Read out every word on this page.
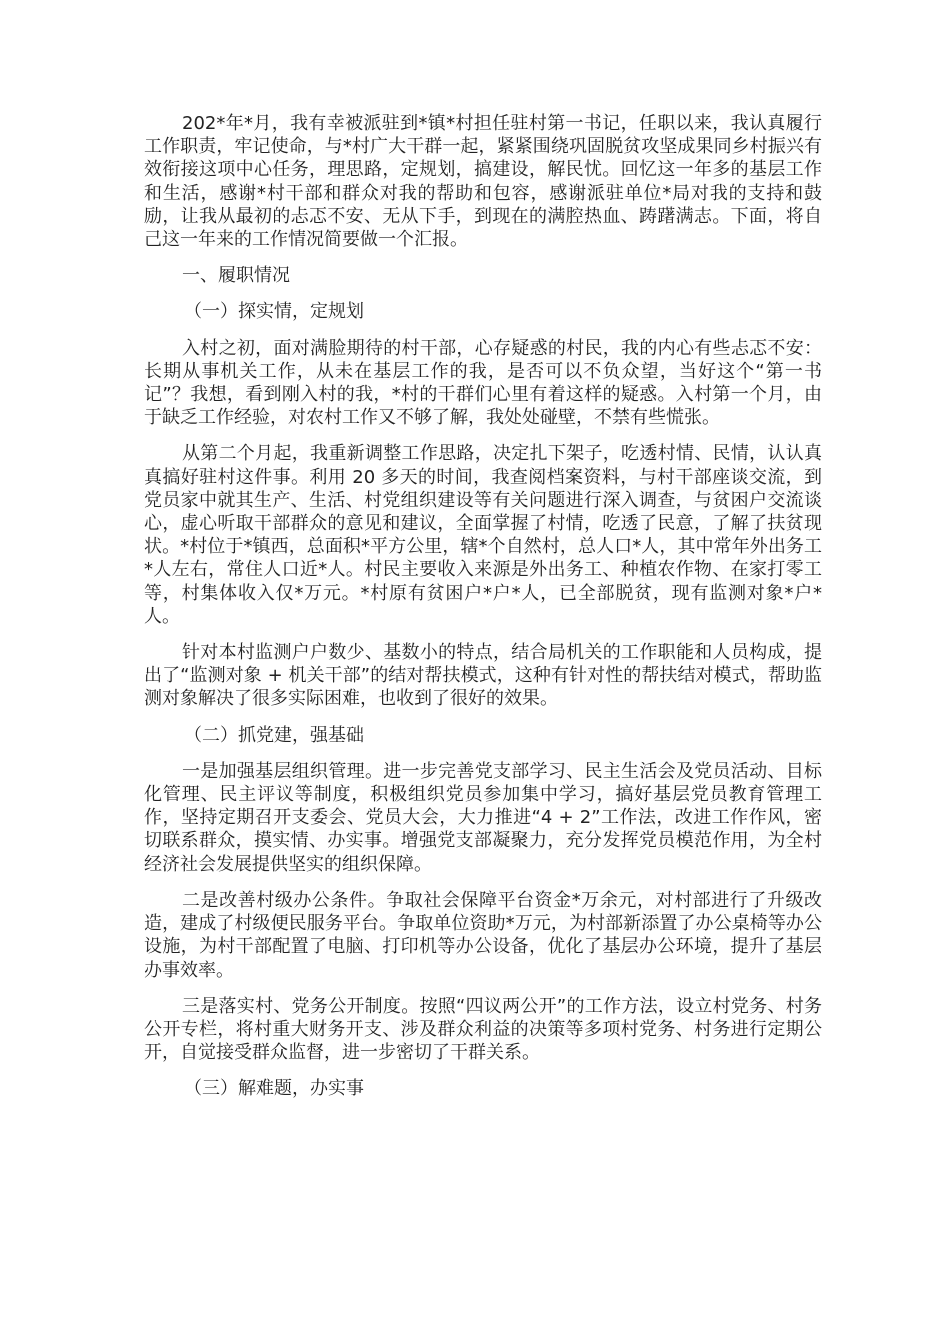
202*年*月，我有幸被派驻到*镇*村担任驻村第一书记，任职以来，我认真履行工作职责，牢记使命，与*村广大干群一起，紧紧围绕巩固脱贫攻坚成果同乡村振兴有效衔接这项中心任务，理思路，定规划，搞建设，解民忧。回忆这一年多的基层工作和生活，感谢*村干部和群众对我的帮助和包容，感谢派驻单位*局对我的支持和鼓励，让我从最初的忐忑不安、无从下手，到现在的满腔热血、踌躇满志。下面，将自己这一年来的工作情况简要做一个汇报。

一、履职情况

（一）探实情，定规划

入村之初，面对满脸期待的村干部，心存疑惑的村民，我的内心有些忐忑不安：长期从事机关工作，从未在基层工作的我，是否可以不负众望，当好这个“第一书记”？我想，看到刚入村的我，*村的干群们心里有着这样的疑惑。入村第一个月，由于缺乏工作经验，对农村工作又不够了解，我处处碰壁，不禁有些慌张。

从第二个月起，我重新调整工作思路，决定扎下架子，吃透村情、民情，认认真真搞好驻村这件事。利用 20 多天的时间，我查阅档案资料，与村干部座谈交流，到党员家中就其生产、生活、村党组织建设等有关问题进行深入调查，与贫困户交流谈心，虚心听取干部群众的意见和建议，全面掌握了村情，吃透了民意，了解了扶贫现状。*村位于*镇西，总面积*平方公里，辖*个自然村，总人口*人，其中常年外出务工*人左右，常住人口近*人。村民主要收入来源是外出务工、种植农作物、在家打零工等，村集体收入仅*万元。*村原有贫困户*户*人，已全部脱贫，现有监测对象*户*人。

针对本村监测户户数少、基数小的特点，结合局机关的工作职能和人员构成，提出了“监测对象 + 机关干部”的结对帮扶模式，这种有针对性的帮扶结对模式，帮助监测对象解决了很多实际困难，也收到了很好的效果。

（二）抓党建，强基础

一是加强基层组织管理。进一步完善党支部学习、民主生活会及党员活动、目标化管理、民主评议等制度，积极组织党员参加集中学习，搞好基层党员教育管理工作，坚持定期召开支委会、党员大会，大力推进“4 + 2”工作法，改进工作作风，密切联系群众，摸实情、办实事。增强党支部凝聚力，充分发挥党员模范作用，为全村经济社会发展提供坚实的组织保障。

二是改善村级办公条件。争取社会保障平台资金*万余元，对村部进行了升级改造，建成了村级便民服务平台。争取单位资助*万元，为村部新添置了办公桌椅等办公设施，为村干部配置了电脑、打印机等办公设备，优化了基层办公环境，提升了基层办事效率。

三是落实村、党务公开制度。按照“四议两公开”的工作方法，设立村党务、村务公开专栏，将村重大财务开支、涉及群众利益的决策等多项村党务、村务进行定期公开，自觉接受群众监督，进一步密切了干群关系。

（三）解难题，办实事
